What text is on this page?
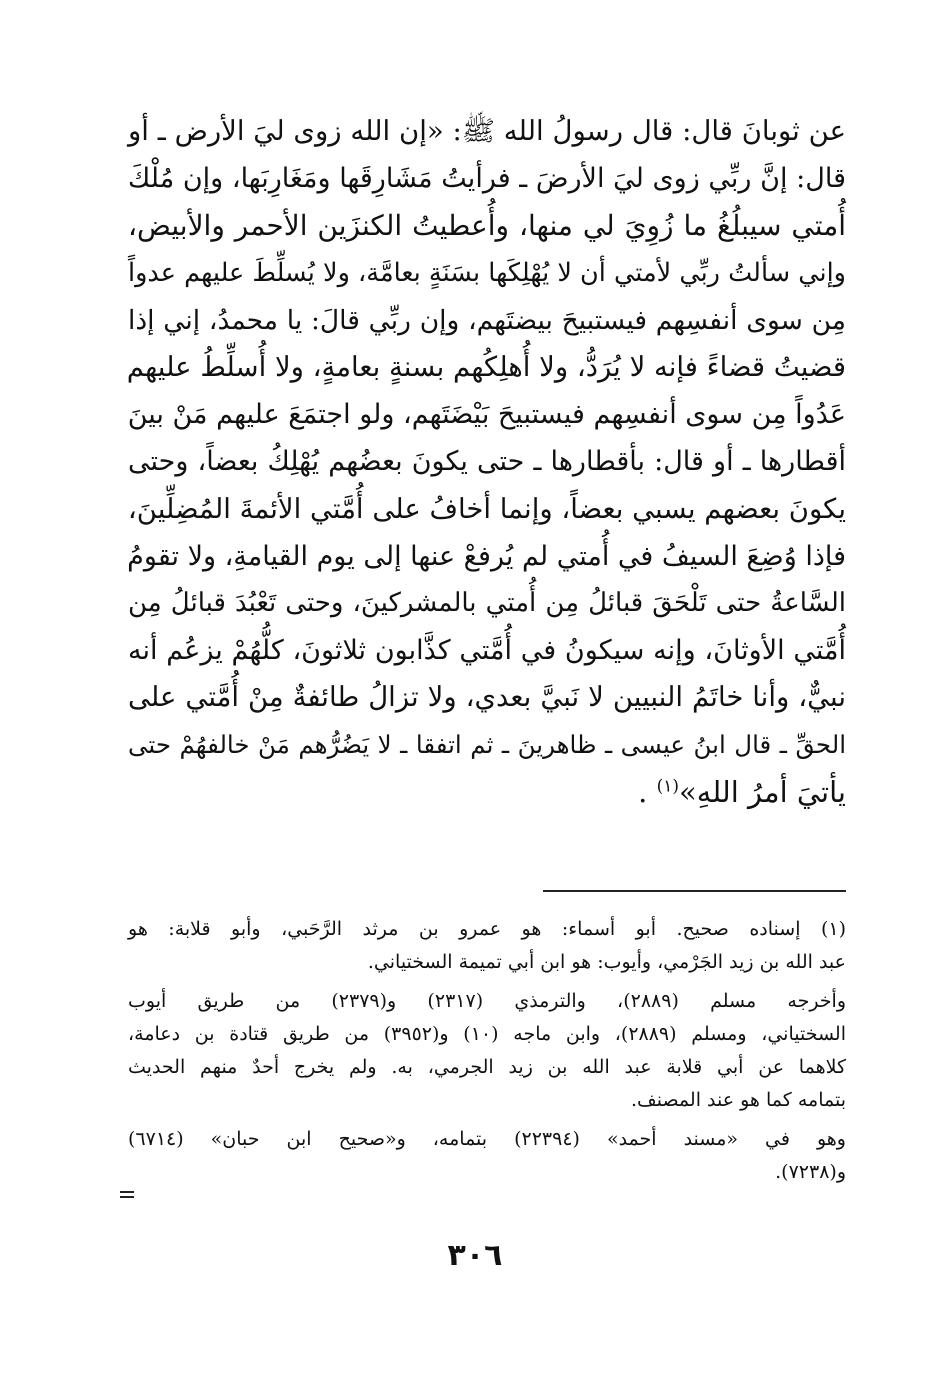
عن ثوبانَ قال: قال رسولُ الله ﷺ: «إن الله زوى ليَ الأرض ـ أو
قال: إنَّ ربِّي زوى ليَ الأرضَ ـ فرأيتُ مَشَارِقَها ومَغَارِبَها، وإن مُلْكَ
أُمتي سيبلُغُ ما زُوِيَ لي منها، وأُعطيتُ الكنزَين الأحمر والأبيض،
وإني سألتُ ربِّي لأمتي أن لا يُهْلِكَها بسَنَةٍ بعامَّة، ولا يُسلِّطَ عليهم عدواً
مِن سوى أنفسِهم فيستبيحَ بيضتَهم، وإن ربِّي قالَ: يا محمدُ، إني إذا
قضيتُ قضاءً فإنه لا يُرَدُّ، ولا أُهلِكُهم بسنةٍ بعامةٍ، ولا أُسلِّطُ عليهم
عَدُواً مِن سوى أنفسِهم فيستبيحَ بَيْضَتَهم، ولو اجتمَعَ عليهم مَنْ بينَ
أقطارها ـ أو قال: بأقطارها ـ حتى يكونَ بعضُهم يُهْلِكُ بعضاً، وحتى
يكونَ بعضهم يسبي بعضاً، وإنما أخافُ على أُمَّتي الأئمةَ المُضِلِّينَ،
فإذا وُضِعَ السيفُ في أُمتي لم يُرفعْ عنها إلى يوم القيامةِ، ولا تقومُ
السَّاعةُ حتى تَلْحَقَ قبائلُ مِن أُمتي بالمشركينَ، وحتى تَعْبُدَ قبائلُ مِن
أُمَّتي الأوثانَ، وإنه سيكونُ في أُمَّتي كذَّابون ثلاثونَ، كلُّهُمْ يزعُم أنه
نبيٌّ، وأنا خاتَمُ النبيين لا نَبيَّ بعدي، ولا تزالُ طائفةٌ مِنْ أُمَّتي على
الحقِّ ـ قال ابنُ عيسى ـ ظاهرينَ ـ ثم اتفقا ـ لا يَضُرُّهم مَنْ خالفهُمْ حتى
يأتيَ أمرُ اللهِ»$^{(١)}$ .
(١) إسناده صحيح. أبو أسماء: هو عمرو بن مرثد الرَّحَبي، وأبو قلابة: هو
عبد الله بن زيد الجَرْمي، وأيوب: هو ابن أبي تميمة السختياني.
وأخرجه مسلم (٢٨٨٩)، والترمذي (٢٣١٧) و(٢٣٧٩) من طريق أيوب
السختياني، ومسلم (٢٨٨٩)، وابن ماجه (١٠) و(٣٩٥٢) من طريق قتادة بن دعامة،
كلاهما عن أبي قلابة عبد الله بن زيد الجرمي، به. ولم يخرج أحدٌ منهم الحديث
بتمامه كما هو عند المصنف.
وهو في «مسند أحمد» (٢٢٣٩٤) بتمامه، و«صحيح ابن حبان» (٦٧١٤)
و(٧٢٣٨).
٣٠٦
